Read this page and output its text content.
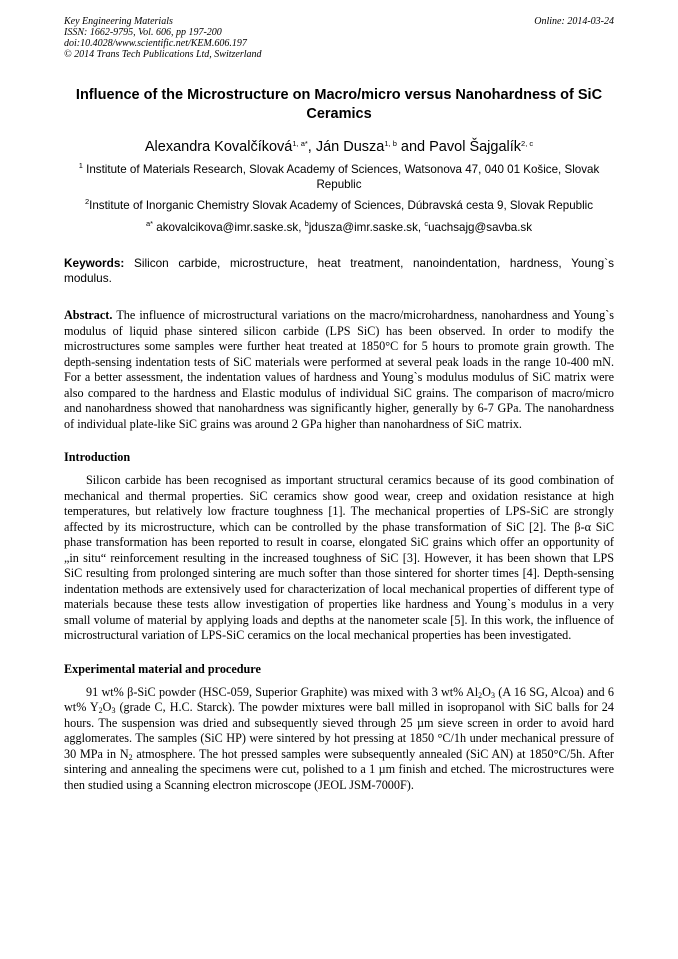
Key Engineering Materials
ISSN: 1662-9795, Vol. 606, pp 197-200
doi:10.4028/www.scientific.net/KEM.606.197
© 2014 Trans Tech Publications Ltd, Switzerland
Online: 2014-03-24
Influence of the Microstructure on Macro/micro versus Nanohardness of SiC Ceramics
Alexandra Kovalčíková$^{1, a*}$, Ján Dusza$^{1, b}$ and Pavol Šajgalík$^{2, c}$
$^1$ Institute of Materials Research, Slovak Academy of Sciences, Watsonova 47, 040 01 Košice, Slovak Republic
$^2$Institute of Inorganic Chemistry Slovak Academy of Sciences, Dúbravská cesta 9, Slovak Republic
$^{a*}$ akovalcikova@imr.saske.sk, $^b$jdusza@imr.saske.sk, $^c$uachsajg@savba.sk
Keywords: Silicon carbide, microstructure, heat treatment, nanoindentation, hardness, Young`s modulus.

Abstract. The influence of microstructural variations on the macro/microhardness, nanohardness and Young`s modulus of liquid phase sintered silicon carbide (LPS SiC) has been observed. In order to modify the microstructures some samples were further heat treated at 1850°C for 5 hours to promote grain growth. The depth-sensing indentation tests of SiC materials were performed at several peak loads in the range 10-400 mN. For a better assessment, the indentation values of hardness and Young`s modulus modulus of SiC matrix were also compared to the hardness and Elastic modulus of individual SiC grains. The comparison of macro/micro and nanohardness showed that nanohardness was significantly higher, generally by 6-7 GPa. The nanohardness of individual plate-like SiC grains was around 2 GPa higher than nanohardness of SiC matrix.

Introduction

Silicon carbide has been recognised as important structural ceramics because of its good combination of mechanical and thermal properties. SiC ceramics show good wear, creep and oxidation resistance at high temperatures, but relatively low fracture toughness [1]. The mechanical properties of LPS-SiC are strongly affected by its microstructure, which can be controlled by the phase transformation of SiC [2]. The β-α SiC phase transformation has been reported to result in coarse, elongated SiC grains which offer an opportunity of „in situ“ reinforcement resulting in the increased toughness of SiC [3]. However, it has been shown that LPS SiC resulting from prolonged sintering are much softer than those sintered for shorter times [4]. Depth-sensing indentation methods are extensively used for characterization of local mechanical properties of different type of materials because these tests allow investigation of properties like hardness and Young`s modulus in a very small volume of material by applying loads and depths at the nanometer scale [5]. In this work, the influence of microstructural variation of LPS-SiC ceramics on the local mechanical properties has been investigated.

Experimental material and procedure

91 wt% β-SiC powder (HSC-059, Superior Graphite) was mixed with 3 wt% $Al_2O_3$ (A 16 SG, Alcoa) and 6 wt% $Y_2O_3$ (grade C, H.C. Starck). The powder mixtures were ball milled in isopropanol with SiC balls for 24 hours. The suspension was dried and subsequently sieved through 25 µm sieve screen in order to avoid hard agglomerates. The samples (SiC HP) were sintered by hot pressing at 1850 °C/1h under mechanical pressure of 30 MPa in $N_2$ atmosphere. The hot pressed samples were subsequently annealed (SiC AN) at 1850°C/5h. After sintering and annealing the specimens were cut, polished to a 1 µm finish and etched. The microstructures were then studied using a Scanning electron microscope (JEOL JSM-7000F).
